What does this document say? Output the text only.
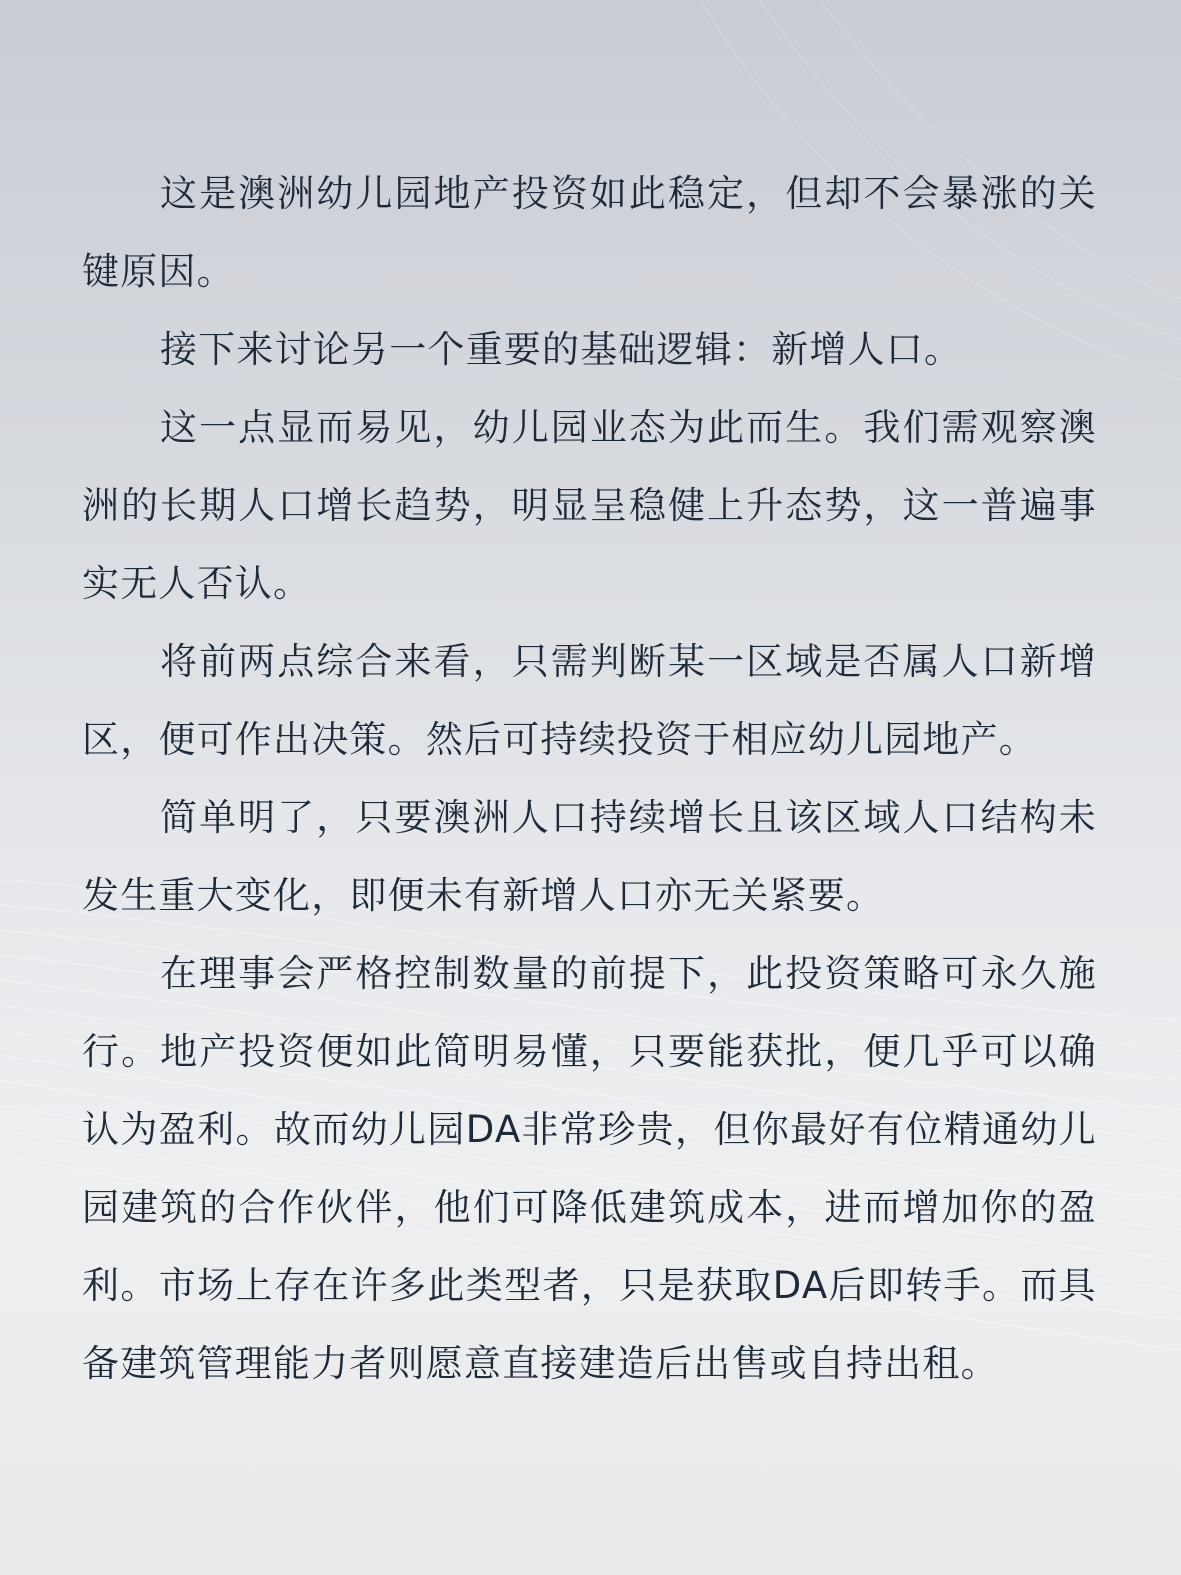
这是澳洲幼儿园地产投资如此稳定，但却不会暴涨的关键原因。

接下来讨论另一个重要的基础逻辑：新增人口。

这一点显而易见，幼儿园业态为此而生。我们需观察澳洲的长期人口增长趋势，明显呈稳健上升态势，这一普遍事实无人否认。

将前两点综合来看，只需判断某一区域是否属人口新增区，便可作出决策。然后可持续投资于相应幼儿园地产。

简单明了，只要澳洲人口持续增长且该区域人口结构未发生重大变化，即便未有新增人口亦无关紧要。

在理事会严格控制数量的前提下，此投资策略可永久施行。地产投资便如此简明易懂，只要能获批，便几乎可以确认为盈利。故而幼儿园DA非常珍贵，但你最好有位精通幼儿园建筑的合作伙伴，他们可降低建筑成本，进而增加你的盈利。市场上存在许多此类型者，只是获取DA后即转手。而具备建筑管理能力者则愿意直接建造后出售或自持出租。
